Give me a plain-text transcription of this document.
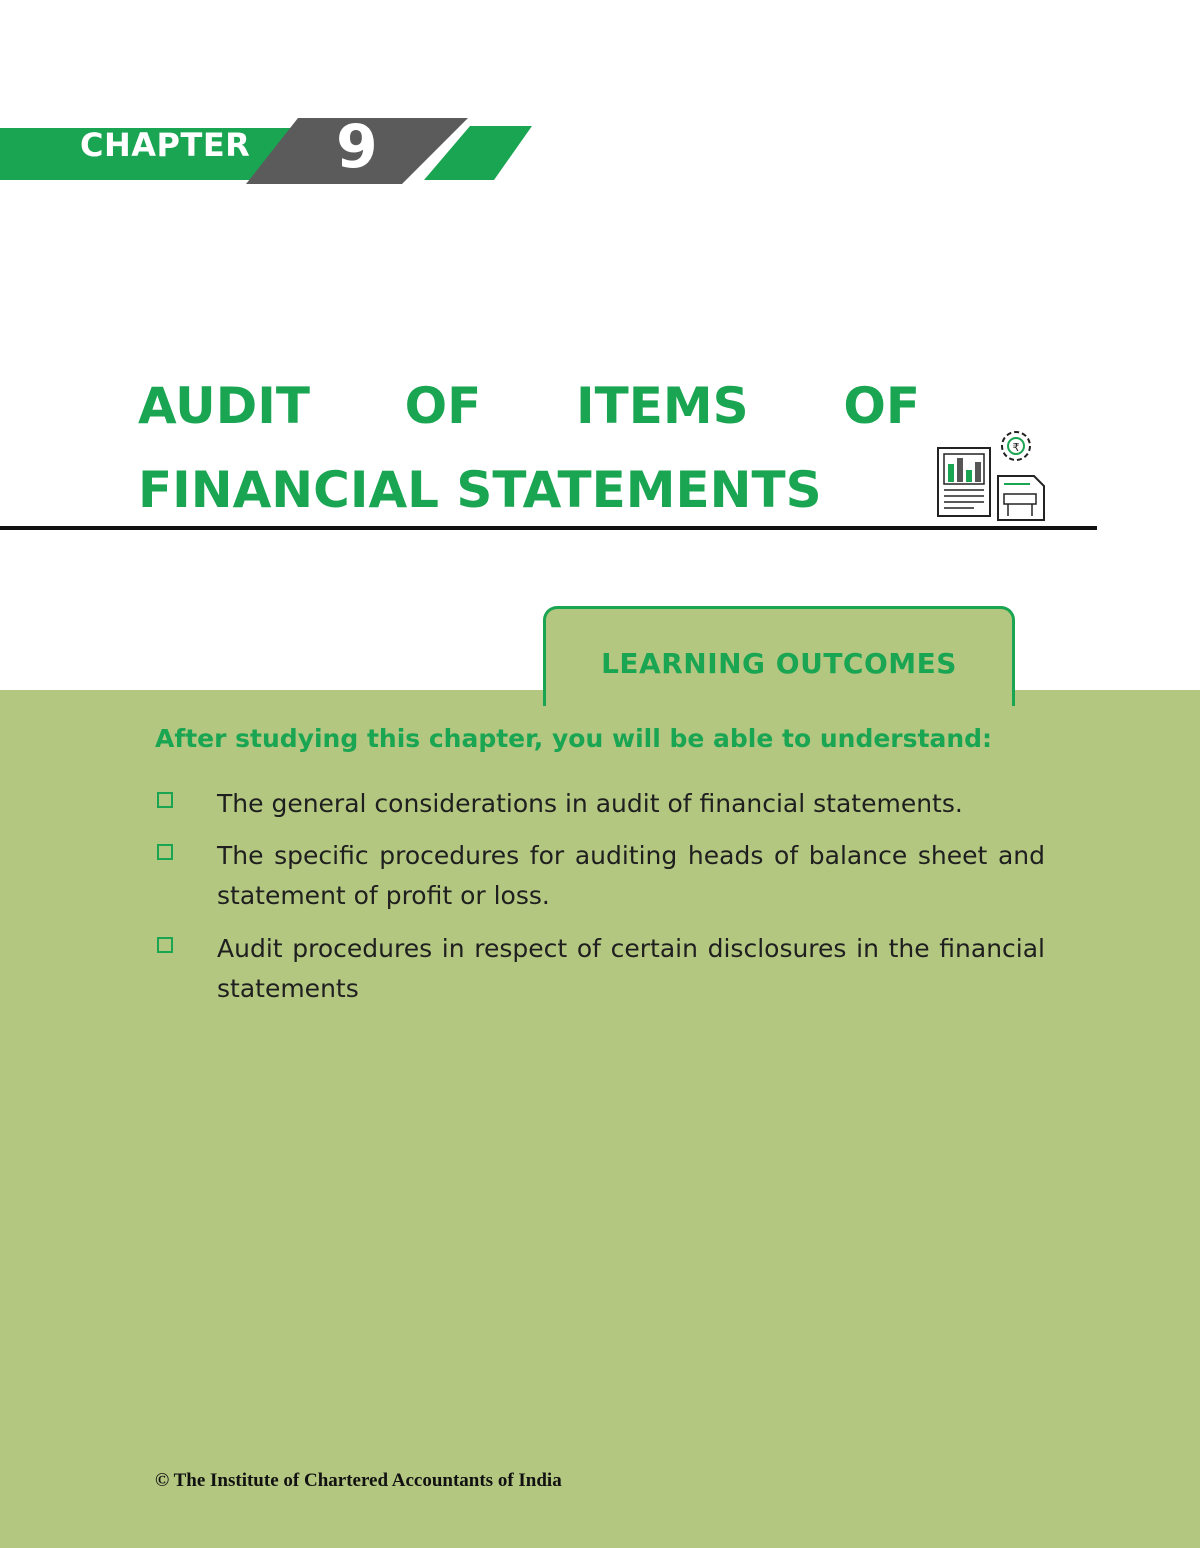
CHAPTER 9
AUDIT OF ITEMS OF
FINANCIAL STATEMENTS
₹
LEARNING OUTCOMES
After studying this chapter, you will be able to understand:
The general considerations in audit of financial statements.
The specific procedures for auditing heads of balance sheet and statement of profit or loss.
Audit procedures in respect of certain disclosures in the financial statements
© The Institute of Chartered Accountants of India
